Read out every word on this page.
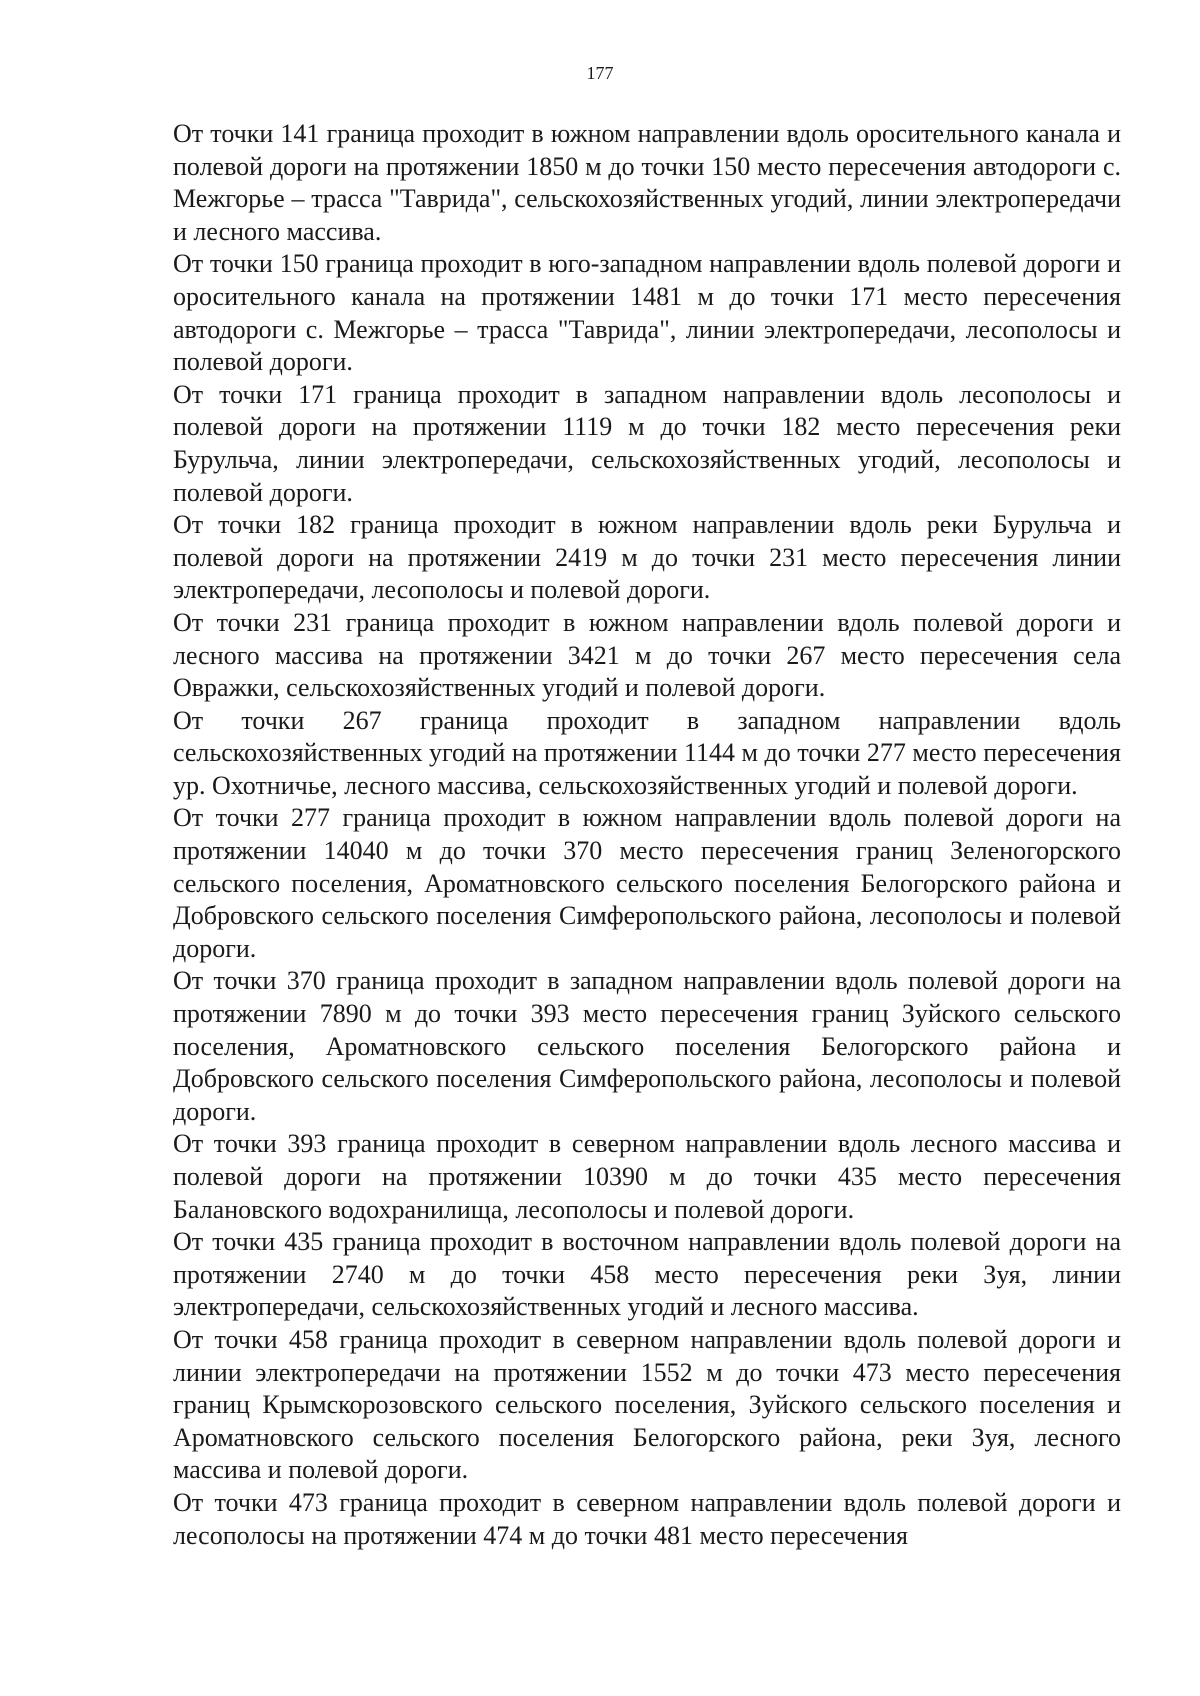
177

От точки 141 граница проходит в южном направлении вдоль оросительного канала и полевой дороги на протяжении 1850 м до точки 150 место пересечения автодороги с. Межгорье – трасса "Таврида", сельскохозяйственных угодий, линии электропередачи и лесного массива.

От точки 150 граница проходит в юго-западном направлении вдоль полевой дороги и оросительного канала на протяжении 1481 м до точки 171 место пересечения автодороги с. Межгорье – трасса "Таврида", линии электропередачи, лесополосы и полевой дороги.

От точки 171 граница проходит в западном направлении вдоль лесополосы и полевой дороги на протяжении 1119 м до точки 182 место пересечения реки Бурульча, линии электропередачи, сельскохозяйственных угодий, лесополосы и полевой дороги.

От точки 182 граница проходит в южном направлении вдоль реки Бурульча и полевой дороги на протяжении 2419 м до точки 231 место пересечения линии электропередачи, лесополосы и полевой дороги.

От точки 231 граница проходит в южном направлении вдоль полевой дороги и лесного массива на протяжении 3421 м до точки 267 место пересечения села Овражки, сельскохозяйственных угодий и полевой дороги.

От точки 267 граница проходит в западном направлении вдоль сельскохозяйственных угодий на протяжении 1144 м до точки 277 место пересечения ур. Охотничье, лесного массива, сельскохозяйственных угодий и полевой дороги.

От точки 277 граница проходит в южном направлении вдоль полевой дороги на протяжении 14040 м до точки 370 место пересечения границ Зеленогорского сельского поселения, Ароматновского сельского поселения Белогорского района и Добровского сельского поселения Симферопольского района, лесополосы и полевой дороги.

От точки 370 граница проходит в западном направлении вдоль полевой дороги на протяжении 7890 м до точки 393 место пересечения границ Зуйского сельского поселения, Ароматновского сельского поселения Белогорского района и Добровского сельского поселения Симферопольского района, лесополосы и полевой дороги.

От точки 393 граница проходит в северном направлении вдоль лесного массива и полевой дороги на протяжении 10390 м до точки 435 место пересечения Балановского водохранилища, лесополосы и полевой дороги.

От точки 435 граница проходит в восточном направлении вдоль полевой дороги на протяжении 2740 м до точки 458 место пересечения реки Зуя, линии электропередачи, сельскохозяйственных угодий и лесного массива.

От точки 458 граница проходит в северном направлении вдоль полевой дороги и линии электропередачи на протяжении 1552 м до точки 473 место пересечения границ Крымскорозовского сельского поселения, Зуйского сельского поселения и Ароматновского сельского поселения Белогорского района, реки Зуя, лесного массива и полевой дороги.

От точки 473 граница проходит в северном направлении вдоль полевой дороги и лесополосы на протяжении 474 м до точки 481 место пересечения
